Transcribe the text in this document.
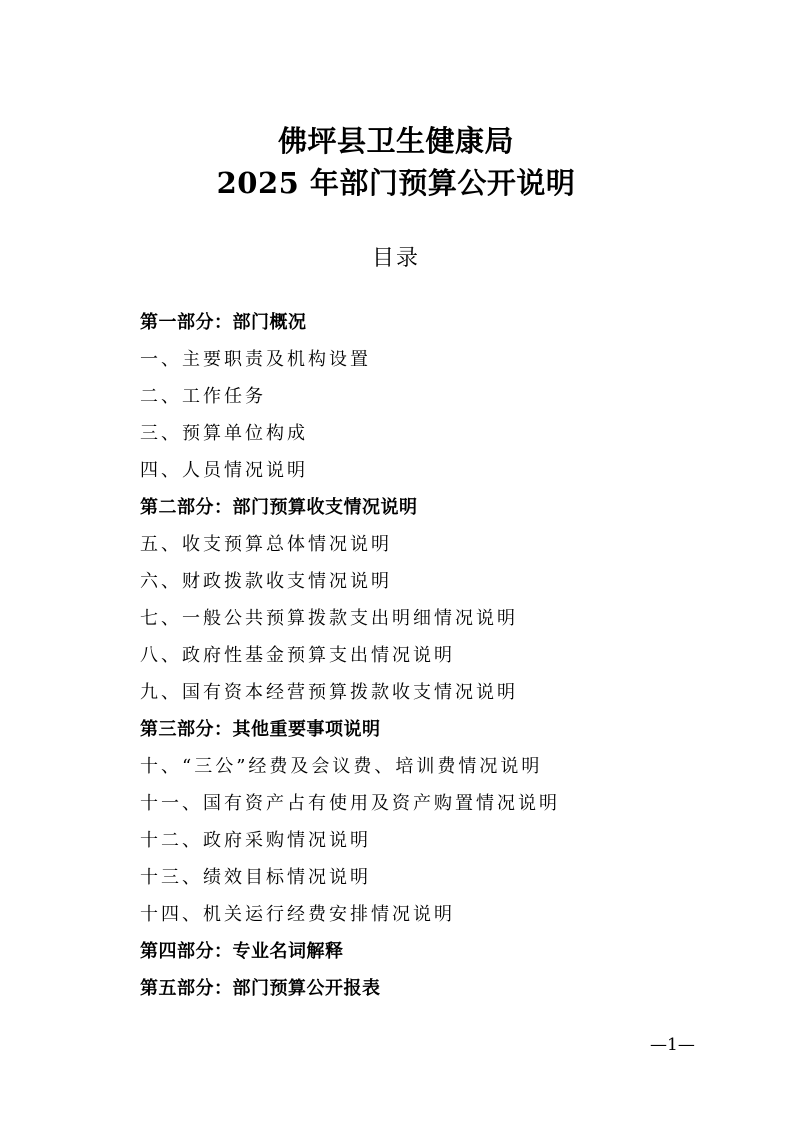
佛坪县卫生健康局
2025 年部门预算公开说明
目录
第一部分：部门概况
一、主要职责及机构设置
二、工作任务
三、预算单位构成
四、人员情况说明
第二部分：部门预算收支情况说明
五、收支预算总体情况说明
六、财政拨款收支情况说明
七、一般公共预算拨款支出明细情况说明
八、政府性基金预算支出情况说明
九、国有资本经营预算拨款收支情况说明
第三部分：其他重要事项说明
十、“三公”经费及会议费、培训费情况说明
十一、国有资产占有使用及资产购置情况说明
十二、政府采购情况说明
十三、绩效目标情况说明
十四、机关运行经费安排情况说明
第四部分：专业名词解释
第五部分：部门预算公开报表
—1—
